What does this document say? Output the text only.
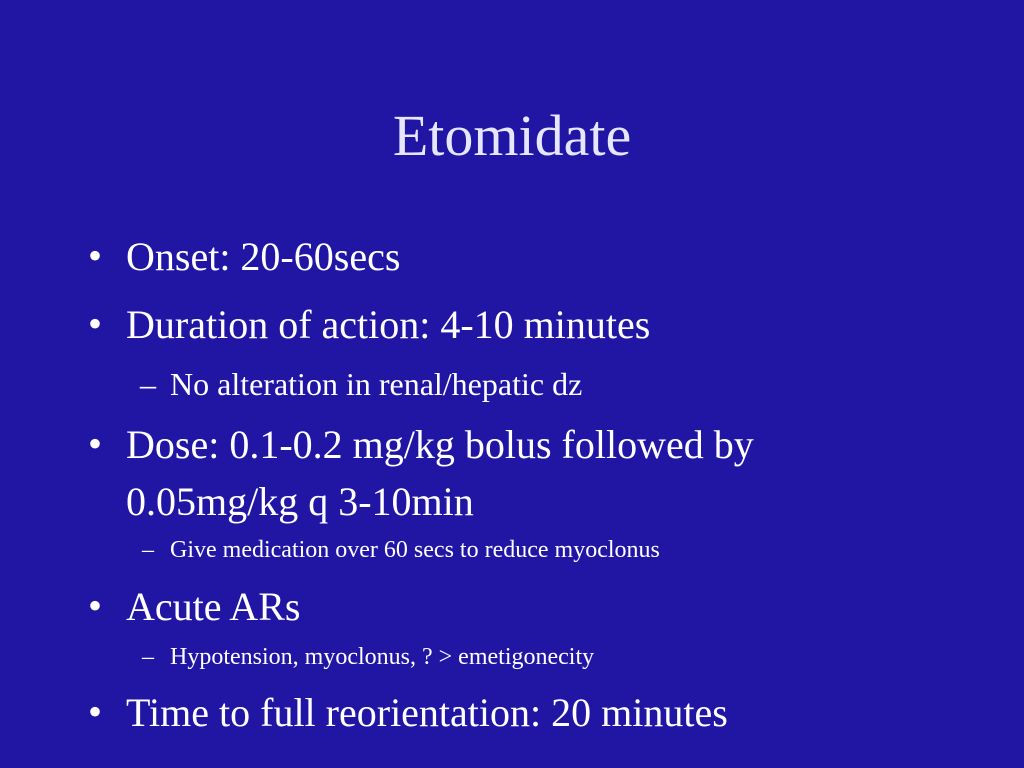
Etomidate
• Onset: 20-60secs
• Duration of action: 4-10 minutes
– No alteration in renal/hepatic dz
• Dose: 0.1-0.2 mg/kg bolus followed by
0.05mg/kg q 3-10min
– Give medication over 60 secs to reduce myoclonus
• Acute ARs
– Hypotension, myoclonus, ? > emetigonecity
• Time to full reorientation: 20 minutes
